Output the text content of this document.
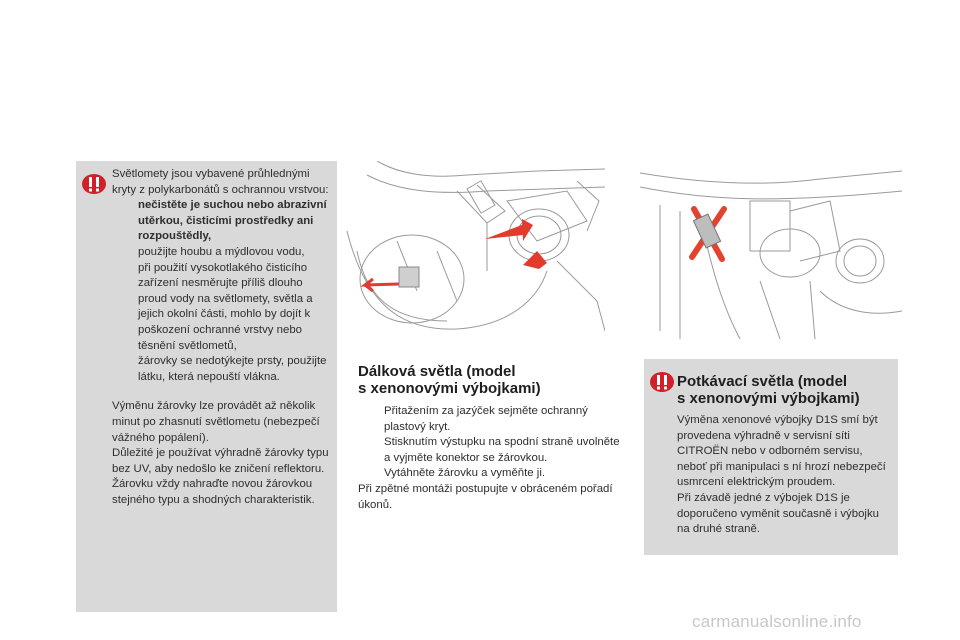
Světlomety jsou vybavené průhlednými kryty z polykarbonátů s ochrannou vrstvou:

nečistěte je suchou nebo abrazivní utěrkou, čisticími prostředky ani rozpouštědly,
použijte houbu a mýdlovou vodu,
při použití vysokotlakého čisticího zařízení nesměrujte příliš dlouho proud vody na světlomety, světla a jejich okolní části, mohlo by dojít k poškození ochranné vrstvy nebo těsnění světlometů,
žárovky se nedotýkejte prsty, použijte látku, která nepouští vlákna.

Výměnu žárovky lze provádět až několik minut po zhasnutí světlometu (nebezpečí vážného popálení).

Důležité je používat výhradně žárovky typu bez UV, aby nedošlo ke zničení reflektoru.

Žárovku vždy nahraďte novou žárovkou stejného typu a shodných charakteristik.

Dálková světla (model
s xenonovými výbojkami)
Přitažením za jazýček sejměte ochranný plastový kryt.
Stisknutím výstupku na spodní straně uvolněte a vyjměte konektor se žárovkou.
Vytáhněte žárovku a vyměňte ji.

Při zpětné montáži postupujte v obráceném pořadí úkonů.

Potkávací světla (model
s xenonovými výbojkami)

Výměna xenonové výbojky D1S smí být provedena výhradně v servisní síti CITROËN nebo v odborném servisu, neboť při manipulaci s ní hrozí nebezpečí usmrcení elektrickým proudem.

Při závadě jedné z výbojek D1S je doporučeno vyměnit současně i výbojku na druhé straně.

carmanualsonline.info
